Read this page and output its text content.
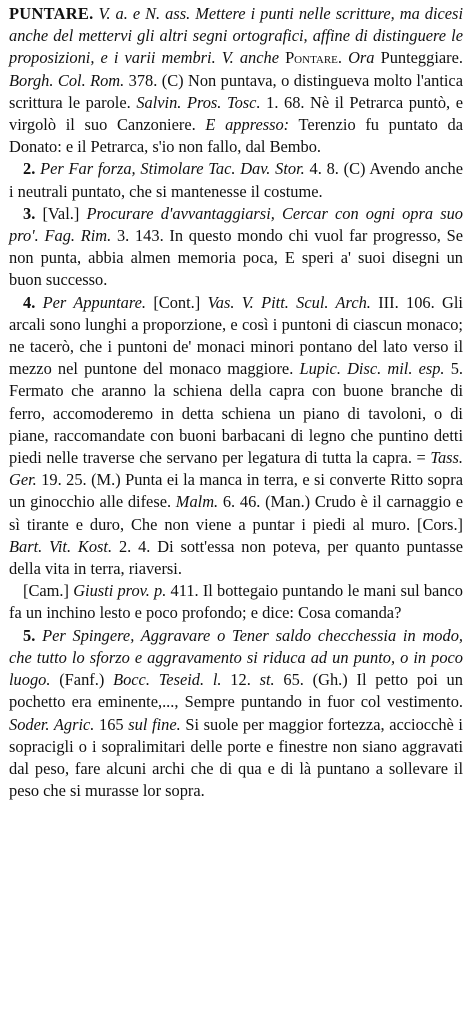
PUNTARE. V. a. e N. ass. Mettere i punti nelle scritture, ma dicesi anche del mettervi gli altri segni ortografici, affine di distinguere le proposizioni, e i varii membri. V. anche Pontare. Ora Punteggiare. Borgh. Col. Rom. 378. (C) Non puntava, o distingueva molto l'antica scrittura le parole. Salvin. Pros. Tosc. 1. 68. Nè il Petrarca puntò, e virgolò il suo Canzoniere. E appresso: Terenzio fu puntato da Donato: e il Petrarca, s'io non fallo, dal Bembo.

2. Per Far forza, Stimolare Tac. Dav. Stor. 4. 8. (C) Avendo anche i neutrali puntato, che si mantenesse il costume.

3. [Val.] Procurare d'avvantaggiarsi, Cercar con ogni opra suo pro'. Fag. Rim. 3. 143. In questo mondo chi vuol far progresso, Se non punta, abbia almen memoria poca, E speri a' suoi disegni un buon successo.

4. Per Appuntare. [Cont.] Vas. V. Pitt. Scul. Arch. III. 106. Gli arcali sono lunghi a proporzione, e così i puntoni di ciascun monaco; ne tacerò, che i puntoni de' monaci minori pontano del lato verso il mezzo nel puntone del monaco maggiore. Lupic. Disc. mil. esp. 5. Fermato che aranno la schiena della capra con buone branche di ferro, accomoderemo in detta schiena un piano di tavoloni, o di piane, raccomandate con buoni barbacani di legno che puntino detti piedi nelle traverse che servano per legatura di tutta la capra. = Tass. Ger. 19. 25. (M.) Punta ei la manca in terra, e si converte Ritto sopra un ginocchio alle difese. Malm. 6. 46. (Man.) Crudo è il carnaggio e sì tirante e duro, Che non viene a puntar i piedi al muro. [Cors.] Bart. Vit. Kost. 2. 4. Di sott'essa non poteva, per quanto puntasse della vita in terra, riaversi.

[Cam.] Giusti prov. p. 411. Il bottegaio puntando le mani sul banco fa un inchino lesto e poco profondo; e dice: Cosa comanda?

5. Per Spingere, Aggravare o Tener saldo checchessia in modo, che tutto lo sforzo e aggravamento si riduca ad un punto, o in poco luogo. (Fanf.) Bocc. Teseid. l. 12. st. 65. (Gh.) Il petto poi un pochetto era eminente,..., Sempre puntando in fuor col vestimento. Soder. Agric. 165 sul fine. Si suole per maggior fortezza, acciocchè i sopracigli o i sopralimitari delle porte e finestre non siano aggravati dal peso, fare alcuni archi che di qua e di là puntano a sollevare il peso che si murasse lor sopra.
